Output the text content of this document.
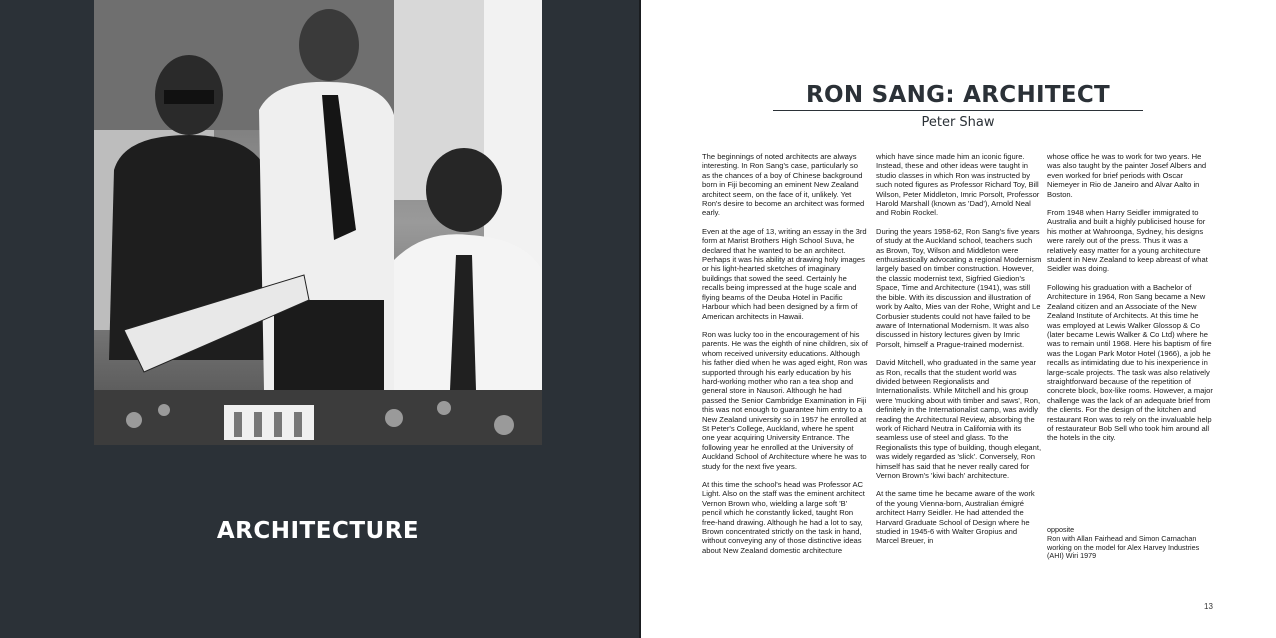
ARCHITECTURE
RON SANG: ARCHITECT
Peter Shaw

The beginnings of noted architects are always interesting. In Ron Sang's case, particularly so as the chances of a boy of Chinese background born in Fiji becoming an eminent New Zealand architect seem, on the face of it, unlikely. Yet Ron's desire to become an architect was formed early.

Even at the age of 13, writing an essay in the 3rd form at Marist Brothers High School Suva, he declared that he wanted to be an architect. Perhaps it was his ability at drawing holy images or his light-hearted sketches of imaginary buildings that sowed the seed. Certainly he recalls being impressed at the huge scale and flying beams of the Deuba Hotel in Pacific Harbour which had been designed by a firm of American architects in Hawaii.

Ron was lucky too in the encouragement of his parents. He was the eighth of nine children, six of whom received university educations. Although his father died when he was aged eight, Ron was supported through his early education by his hard-working mother who ran a tea shop and general store in Nausori. Although he had passed the Senior Cambridge Examination in Fiji this was not enough to guarantee him entry to a New Zealand university so in 1957 he enrolled at St Peter's College, Auckland, where he spent one year acquiring University Entrance. The following year he enrolled at the University of Auckland School of Architecture where he was to study for the next five years.

At this time the school's head was Professor AC Light. Also on the staff was the eminent architect Vernon Brown who, wielding a large soft 'B' pencil which he constantly licked, taught Ron free-hand drawing. Although he had a lot to say, Brown concentrated strictly on the task in hand, without conveying any of those distinctive ideas about New Zealand domestic architecture

which have since made him an iconic figure. Instead, these and other ideas were taught in studio classes in which Ron was instructed by such noted figures as Professor Richard Toy, Bill Wilson, Peter Middleton, Imric Porsolt, Professor Harold Marshall (known as 'Dad'), Arnold Neal and Robin Rockel.

During the years 1958-62, Ron Sang's five years of study at the Auckland school, teachers such as Brown, Toy, Wilson and Middleton were enthusiastically advocating a regional Modernism largely based on timber construction. However, the classic modernist text, Sigfried Giedion's Space, Time and Architecture (1941), was still the bible. With its discussion and illustration of work by Aalto, Mies van der Rohe, Wright and Le Corbusier students could not have failed to be aware of International Modernism. It was also discussed in history lectures given by Imric Porsolt, himself a Prague-trained modernist.

David Mitchell, who graduated in the same year as Ron, recalls that the student world was divided between Regionalists and Internationalists. While Mitchell and his group were 'mucking about with timber and saws', Ron, definitely in the Internationalist camp, was avidly reading the Architectural Review, absorbing the work of Richard Neutra in California with its seamless use of steel and glass. To the Regionalists this type of building, though elegant, was widely regarded as 'slick'. Conversely, Ron himself has said that he never really cared for Vernon Brown's 'kiwi bach' architecture.

At the same time he became aware of the work of the young Vienna-born, Australian émigré architect Harry Seidler. He had attended the Harvard Graduate School of Design where he studied in 1945-6 with Walter Gropius and Marcel Breuer, in

whose office he was to work for two years. He was also taught by the painter Josef Albers and even worked for brief periods with Oscar Niemeyer in Rio de Janeiro and Alvar Aalto in Boston.

From 1948 when Harry Seidler immigrated to Australia and built a highly publicised house for his mother at Wahroonga, Sydney, his designs were rarely out of the press. Thus it was a relatively easy matter for a young architecture student in New Zealand to keep abreast of what Seidler was doing.

Following his graduation with a Bachelor of Architecture in 1964, Ron Sang became a New Zealand citizen and an Associate of the New Zealand Institute of Architects. At this time he was employed at Lewis Walker Glossop & Co (later became Lewis Walker & Co Ltd) where he was to remain until 1968. Here his baptism of fire was the Logan Park Motor Hotel (1966), a job he recalls as intimidating due to his inexperience in large-scale projects. The task was also relatively straightforward because of the repetition of concrete block, box-like rooms. However, a major challenge was the lack of an adequate brief from the clients. For the design of the kitchen and restaurant Ron was to rely on the invaluable help of restaurateur Bob Sell who took him around all the hotels in the city.

opposite
Ron with Allan Fairhead and Simon Carnachan working on the model for Alex Harvey Industries (AHI) Wiri 1979
13
